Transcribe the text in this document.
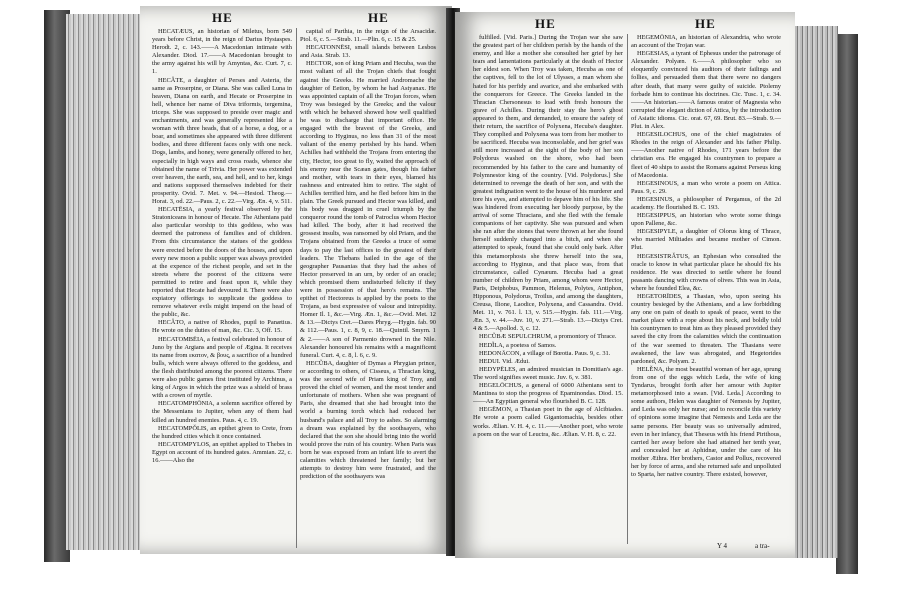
HE	HE

HECATÆUS, an historian of Miletus, born 549 years before Christ, in the reign of Darius Hystaspes. Herodt. 2, c. 143.——A Macedonian intimate with Alexander. Diod. 17.——A Macedonian brought to the army against his will by Amyntas, &c. Curt. 7, c. 1.

HECĂTE, a daughter of Perses and Asteria, the same as Proserpine, or Diana. She was called Luna in heaven, Diana on earth, and Hecate or Proserpine in hell, whence her name of Diva triformis, tergemina, triceps. She was supposed to preside over magic and enchantments, and was generally represented like a woman with three heads, that of a horse, a dog, or a boar, and sometimes she appeared with three different bodies, and three different faces only with one neck. Dogs, lambs, and honey, were generally offered to her, especially in high ways and cross roads, whence she obtained the name of Trivia. Her power was extended over heaven, the earth, sea, and hell, and to her, kings and nations supposed themselves indebted for their prosperity. Ovid. 7. Met. v. 94.—Hesiod. Theog.—Horat. 3, od. 22.—Paus. 2, c. 22.—Virg. Æn. 4, v. 511.

HECATĒSIA, a yearly festival observed by the Stratoniceans in honour of Hecate. The Athenians paid also particular worship to this goddess, who was deemed the patroness of families and of children. From this circumstance the statues of the goddess were erected before the doors of the houses, and upon every new moon a public supper was always provided at the expence of the richest people, and set in the streets where the poorest of the citizens were permitted to retire and feast upon it, while they reported that Hecate had devoured it. There were also expiatory offerings to supplicate the goddess to remove whatever evils might impend on the head of the public, &c.

HECĂTO, a native of Rhodes, pupil to Panætius. He wrote on the duties of man, &c. Cic. 3, Off. 15.

HECATOMBĒIA, a festival celebrated in honour of Juno by the Argians and people of Ægina. It receives its name from εκατον, & βους, a sacrifice of a hundred bulls, which were always offered to the goddess, and the flesh distributed among the poorest citizens. There were also public games first instituted by Archinus, a king of Argos in which the prize was a shield of brass with a crown of myrtle.

HECATOMPHŌNIA, a solemn sacrifice offered by the Messenians to Jupiter, when any of them had killed an hundred enemies. Paus. 4, c. 19.

HECATOMPŎLIS, an epithet given to Crete, from the hundred cities which it once contained.

HECATOMPYLOS, an epithet applied to Thebes in Egypt on account of its hundred gates. Ammian. 22, c. 16.——Also the

capital of Parthia, in the reign of the Arsacidæ. Ptol. 6, c. 5.—Strab. 11.—Plin. 6, c. 15 & 25.

HECATONNĒSI, small islands between Lesbos and Asia. Strab. 13.

HECTOR, son of king Priam and Hecuba, was the most valiant of all the Trojan chiefs that fought against the Greeks. He married Andromache the daughter of Eetion, by whom he had Astyanax. He was appointed captain of all the Trojan forces, when Troy was besieged by the Greeks; and the valour with which he behaved showed how well qualified he was to discharge that important office. He engaged with the bravest of the Greeks, and according to Hyginus, no less than 31 of the most valiant of the enemy perished by his hand. When Achilles had withheld the Trojans from entering the city, Hector, too great to fly, waited the approach of his enemy near the Scæan gates, though his father and mother, with tears in their eyes, blamed his rashness and entreated him to retire. The sight of Achilles terrified him, and he fled before him in the plain. The Greek pursued and Hector was killed, and his body was dragged in cruel triumph by the conqueror round the tomb of Patroclus whom Hector had killed. The body, after it had received the grossest insults, was ransomed by old Priam, and the Trojans obtained from the Greeks a truce of some days to pay the last offices to the greatest of their leaders. The Thebans hailed in the age of the geographer Pausanias that they had the ashes of Hector preserved in an urn, by order of an oracle; which promised them undisturbed felicity if they were in possession of that hero's remains. The epithet of Hectoreus is applied by the poets to the Trojans, as best expressive of valour and intrepidity. Homer Il. 1, &c.—Virg. Æn. 1, &c.—Ovid. Met. 12 & 13.—Dictys Cret.—Dares Phryg.—Hygin. fab. 90 & 112.—Paus. 1, c. 8, 9, c. 18.—Quintil. Smyrn. 1 & 2.——A son of Parmenio drowned in the Nile. Alexander honoured his remains with a magnificent funeral. Curt. 4, c. 8, l. 6, c. 9.

HECŬBA, daughter of Dymas a Phrygian prince, or according to others, of Cisseus, a Thracian king, was the second wife of Priam king of Troy, and proved the chief of women, and the most tender and unfortunate of mothers. When she was pregnant of Paris, she dreamed that she had brought into the world a burning torch which had reduced her husband's palace and all Troy to ashes. So alarming a dream was explained by the soothsayers, who declared that the son she should bring into the world would prove the ruin of his country. When Paris was born he was exposed from an infant life to avert the calamities which threatened her family; but her attempts to destroy him were frustrated, and the prediction of the soothsayers was

HE	HE

fulfilled. [Vid. Paris.] During the Trojan war she saw the greatest part of her children perish by the hands of the enemy, and like a mother she consulted her grief by her tears and lamentations particularly at the death of Hector her eldest son. When Troy was taken, Hecuba as one of the captives, fell to the lot of Ulysses, a man whom she hated for his perfidy and avarice, and she embarked with the conquerors for Greece. The Greeks landed in the Thracian Chersonesus to load with fresh honours the grave of Achilles. During their stay the hero's ghost appeared to them, and demanded, to ensure the safety of their return, the sacrifice of Polyxena, Hecuba's daughter. They complied and Polyxena was torn from her mother to be sacrificed. Hecuba was inconsolable, and her grief was still more increased at the sight of the body of her son Polydorus washed on the shore, who had been recommended by his father to the care and humanity of Polymnestor king of the country. [Vid. Polydorus.] She determined to revenge the death of her son, and with the greatest indignation went to the house of his murderer and tore his eyes, and attempted to depave him of his life. She was hindered from executing her bloody purpose, by the arrival of some Thracians, and she fled with the female companions of her captivity. She was pursued and when she ran after the stones that were thrown at her she found herself suddenly changed into a bitch, and when she attempted to speak, found that she could only bark. After this metamorphosis she threw herself into the sea, according to Hyginus, and that place was, from that circumstance, called Cynæum. Hecuba had a great number of children by Priam, among whom were Hector, Paris, Deiphobus, Pammon, Helenus, Polytes, Antiphon, Hipponous, Polydorus, Troilus, and among the daughters, Creusa, Ilione, Laodice, Polyxena, and Cassandra. Ovid. Met. 11, v. 761. l. 13, v. 515.—Hygin. fab. 111.—Virg. Æn. 3, v. 44.—Juv. 10, v. 271.—Strab. 13.—Dictys Cret. 4 & 5.—Apollod. 3, c. 12.

HECŬBÆ SEPULCHRUM, a promontory of Thrace.

HEDĬLA, a poetess of Samos.

HEDONĀCON, a village of Bœotia. Paus. 9, c. 31.

HEDUI. Vid. Ædui.

HEDYPĒLES, an admired musician in Domitian's age. The word signifies sweet music. Juv. 6, v. 381.

HEGELŌCHUS, a general of 6000 Athenians sent to Mantinea to stop the progress of Epaminondas. Diod. 15.——An Egyptian general who flourished B. C. 128.

HEGĒMON, a Thasian poet in the age of Alcibiades. He wrote a poem called Gigantomachia, besides other works. Ælian. V. H. 4, c. 11.——Another poet, who wrote a poem on the war of Leuctra, &c. Ælian. V. H. 8, c. 22.

HEGEMŌNIA, an historian of Alexandria, who wrote an account of the Trojan war.

HEGESIAS, a tyrant of Ephesus under the patronage of Alexander. Polyæn. 6.——A philosopher who so eloquently convinced his auditors of their failings and follies, and persuaded them that there were no dangers after death, that many were guilty of suicide. Ptolemy forbade him to continue his doctrines. Cic. Tusc. 1, c. 34.——An historian.——A famous orator of Magnesia who corrupted the elegant diction of Attica, by the introduction of Asiatic idioms. Cic. orat. 67, 69. Brut. 83.—Strab. 9.—Plut. in Alex.

HEGESILOCHUS, one of the chief magistrates of Rhodes in the reign of Alexander and his father Philip.——Another native of Rhodes, 171 years before the christian era. He engaged his countrymen to prepare a fleet of 40 ships to assist the Romans against Perseus king of Macedonia.

HEGESINOUS, a man who wrote a poem on Attica. Paus. 9, c. 29.

HEGESINUS, a philosopher of Pergamus, of the 2d academy. He flourished B. C. 193.

HEGESIPPUS, an historian who wrote some things upon Pallene, &c.

HEGESIPYLE, a daughter of Olorus king of Thrace, who married Miltiades and became mother of Cimon. Plut.

HEGESISTRĂTUS, an Ephesian who consulted the oracle to know in what particular place he should fix his residence. He was directed to settle where he found peasants dancing with crowns of olives. This was in Asia, where he founded Elea, &c.

HEGETORĪDES, a Thasian, who, upon seeing his country besieged by the Athenians, and a law forbidding any one on pain of death to speak of peace, went to the market place with a rope about his neck, and boldly told his countrymen to treat him as they pleased provided they saved the city from the calamities which the continuation of the war seemed to threaten. The Thasians were awakened, the law was abrogated, and Hegetorides pardoned, &c. Polyæn. 2.

HELĔNA, the most beautiful woman of her age, sprung from one of the eggs which Leda, the wife of king Tyndarus, brought forth after her amour with Jupiter metamorphosed into a swan. [Vid. Leda.] According to some authors, Helen was daughter of Nemesis by Jupiter, and Leda was only her nurse; and to reconcile this variety of opinions some imagine that Nemesis and Leda are the same persons. Her beauty was so universally admired, even in her infancy, that Theseus with his friend Pirithous, carried her away before she had attained her tenth year, and concealed her at Aphidnæ, under the care of his mother Æthra. Her brothers, Castor and Pollux, recovered her by force of arms, and she returned safe and unpolluted to Sparta, her native country. There existed, however,

Y 4	a tra-
